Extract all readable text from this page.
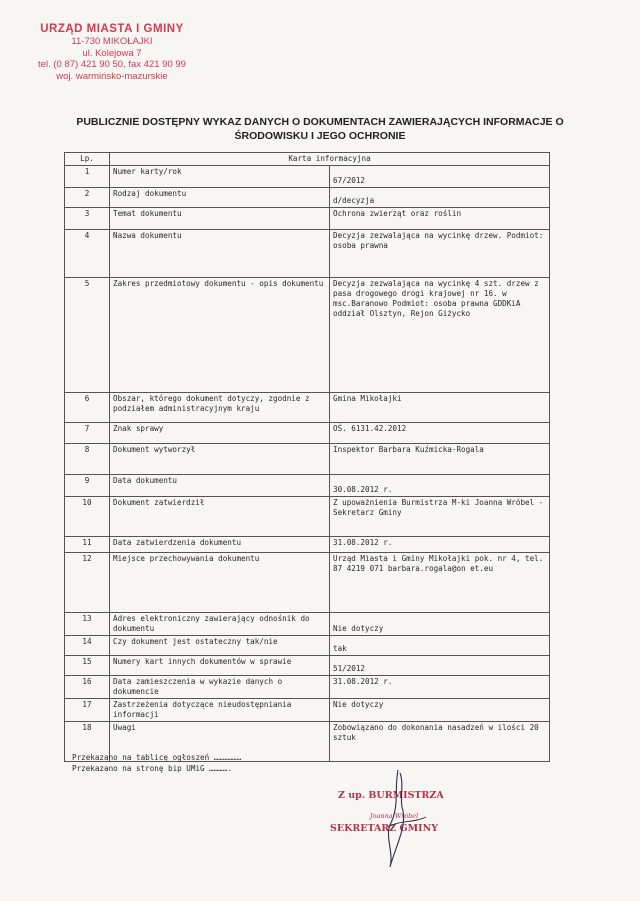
URZĄD MIASTA I GMINY
11-730 MIKOŁAJKI
ul. Kolejowa 7
tel. (0 87) 421 90 50, fax 421 90 99
woj. warmińsko-mazurskie
PUBLICZNIE DOSTĘPNY WYKAZ DANYCH O DOKUMENTACH ZAWIERAJĄCYCH INFORMACJE O
ŚRODOWISKU I JEGO OCHRONIE
Lp.	Karta informacyjna	
1	Numer karty/rok	67/2012
2	Rodzaj dokumentu	d/decyzja
3	Temat dokumentu	Ochrona zwierząt oraz roślin
4	Nazwa dokumentu	Decyzja zezwalająca na wycinkę drzew. Podmiot: osoba prawna
5	Zakres przedmiotowy dokumentu - opis dokumentu	Decyzja zezwalająca na wycinkę 4 szt. drzew z pasa drogowego drogi krajowej nr 16. w msc.Baranowo Podmiot: osoba prawna GDDKiA oddział Olsztyn, Rejon Giżycko
6	Obszar, którego dokument dotyczy, zgodnie z podziałem administracyjnym kraju	Gmina Mikołajki
7	Znak sprawy	OŚ. 6131.42.2012
8	Dokument wytworzył	Inspektor Barbara Kuźmicka-Rogala
9	Data dokumentu	30.08.2012 r.
10	Dokument zatwierdził	Z upoważnienia Burmistrza M-ki Joanna Wróbel - Sekretarz Gminy
11	Data zatwierdzenia dokumentu	31.08.2012 r.
12	Miejsce przechowywania dokumentu	Urząd Miasta i Gminy Mikołajki pok. nr 4, tel. 87 4219 071 barbara.rogala@on et.eu
13	Adres elektroniczny zawierający odnośnik do dokumentu	Nie dotyczy
14	Czy dokument jest ostateczny tak/nie	tak
15	Numery kart innych dokumentów w sprawie	51/2012
16	Data zamieszczenia w wykazie danych o dokumencie	31.08.2012 r.
17	Zastrzeżenia dotyczące nieudostępniania informacji	Nie dotyczy
18	Uwagi	Zobowiązano do dokonania nasadzeń w ilości 20 sztuk
Przekazano na tablicę ogłoszeń ………………
Przekazano na stronę bip UMiG ………….
Z up. BURMISTRZA
Joanna Wróbel
SEKRETARZ GMINY
